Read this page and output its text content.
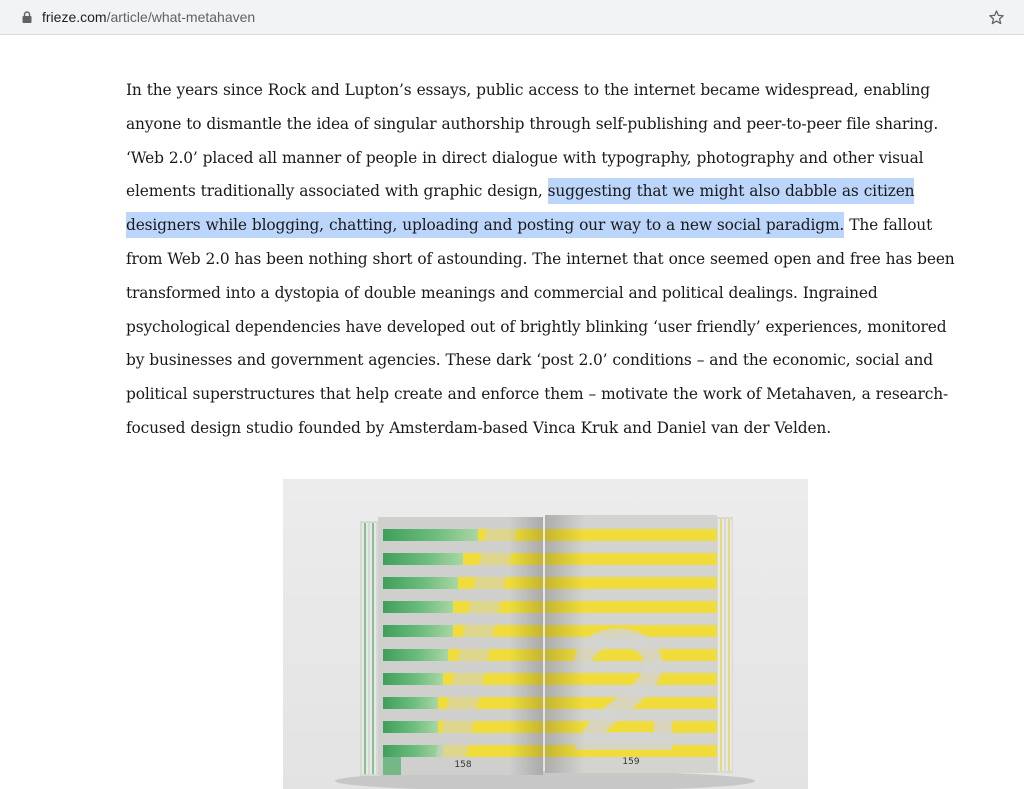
frieze.com/article/what-metahaven

In the years since Rock and Lupton’s essays, public access to the internet became widespread, enabling anyone to dismantle the idea of singular authorship through self-publishing and peer-to-peer file sharing. ‘Web 2.0’ placed all manner of people in direct dialogue with typography, photography and other visual elements traditionally associated with graphic design, suggesting that we might also dabble as citizen designers while blogging, chatting, uploading and posting our way to a new social paradigm. The fallout from Web 2.0 has been nothing short of astounding. The internet that once seemed open and free has been transformed into a dystopia of double meanings and commercial and political dealings. Ingrained psychological dependencies have developed out of brightly blinking ‘user friendly’ experiences, monitored by businesses and government agencies. These dark ‘post 2.0’ conditions – and the economic, social and political superstructures that help create and enforce them – motivate the work of Metahaven, a research-focused design studio founded by Amsterdam-based Vinca Kruk and Daniel van der Velden.

158	159
